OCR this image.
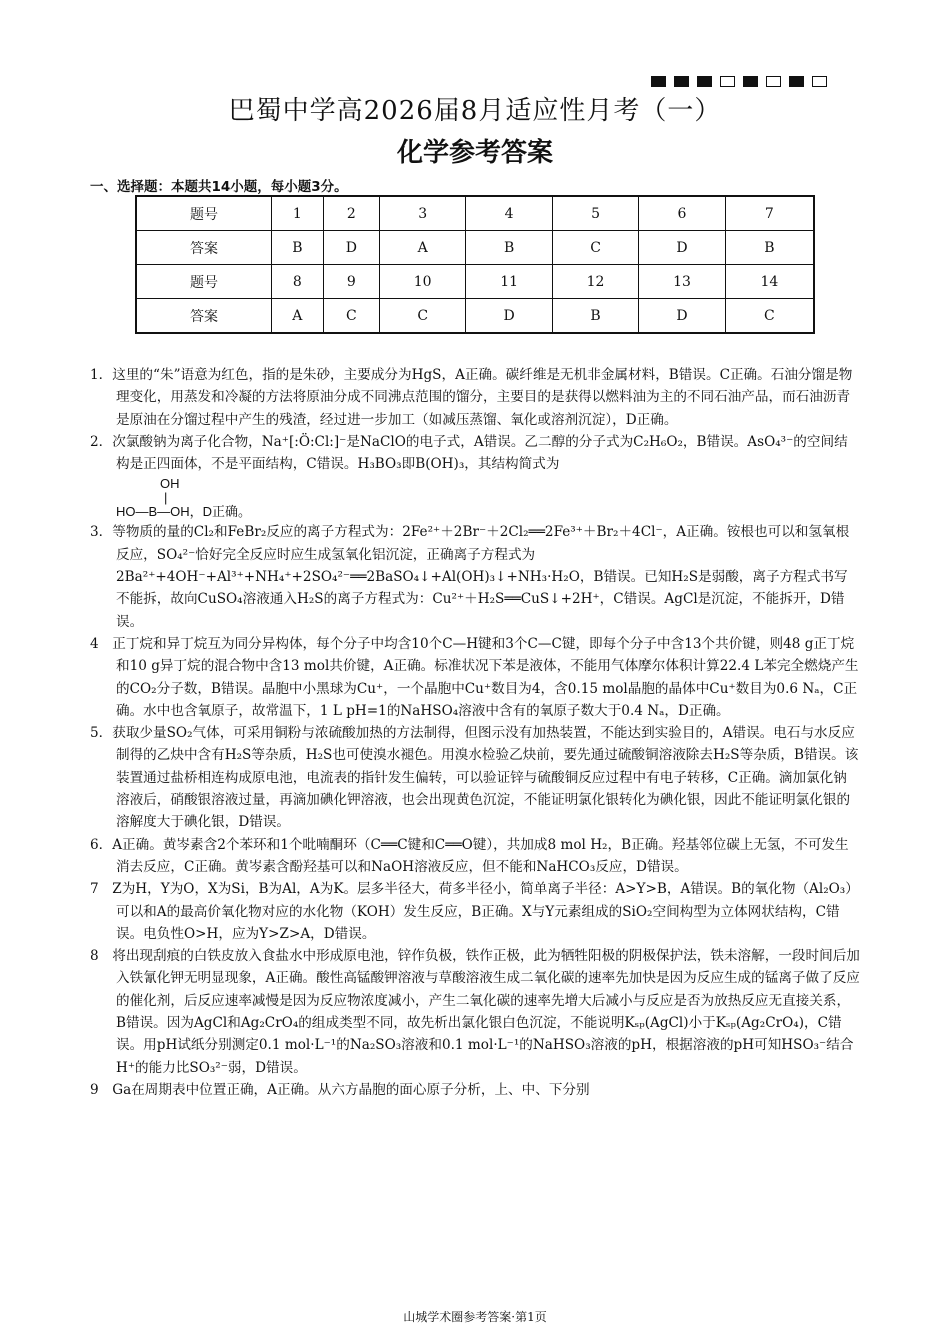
巴蜀中学高2026届8月适应性月考（一）
化学参考答案
一、选择题：本题共14小题，每小题3分。
题号	1	2	3	4	5	6	7
答案	B	D	A	B	C	D	B
题号	8	9	10	11	12	13	14
答案	A	C	C	D	B	D	C

1．这里的“朱”语意为红色，指的是朱砂，主要成分为HgS，A正确。碳纤维是无机非金属材料，B错误。C正确。石油分馏是物理变化，用蒸发和冷凝的方法将原油分成不同沸点范围的馏分，主要目的是获得以燃料油为主的不同石油产品，而石油沥青是原油在分馏过程中产生的残渣，经过进一步加工（如减压蒸馏、氧化或溶剂沉淀），D正确。

2．次氯酸钠为离子化合物，Na⁺[:Ö:Cl:]⁻是NaClO的电子式，A错误。乙二醇的分子式为C₂H₆O₂，B错误。AsO₄³⁻的空间结构是正四面体，不是平面结构，C错误。H₃BO₃即B(OH)₃，其结构简式为

OH
|
HO—B—OH，D正确。

3．等物质的量的Cl₂和FeBr₂反应的离子方程式为：2Fe²⁺＋2Br⁻＋2Cl₂══2Fe³⁺＋Br₂＋4Cl⁻，A正确。铵根也可以和氢氧根反应，SO₄²⁻恰好完全反应时应生成氢氧化铝沉淀，正确离子方程式为2Ba²⁺+4OH⁻+Al³⁺+NH₄⁺+2SO₄²⁻══2BaSO₄↓+Al(OH)₃↓+NH₃·H₂O，B错误。已知H₂S是弱酸，离子方程式书写不能拆，故向CuSO₄溶液通入H₂S的离子方程式为：Cu²⁺＋H₂S══CuS↓+2H⁺，C错误。AgCl是沉淀，不能拆开，D错误。

4　正丁烷和异丁烷互为同分异构体，每个分子中均含10个C—H键和3个C—C键，即每个分子中含13个共价键，则48 g正丁烷和10 g异丁烷的混合物中含13 mol共价键，A正确。标准状况下苯是液体，不能用气体摩尔体积计算22.4 L苯完全燃烧产生的CO₂分子数，B错误。晶胞中小黑球为Cu⁺，一个晶胞中Cu⁺数目为4，含0.15 mol晶胞的晶体中Cu⁺数目为0.6 Nₐ，C正确。水中也含氧原子，故常温下，1 L pH=1的NaHSO₄溶液中含有的氧原子数大于0.4 Nₐ，D正确。

5．获取少量SO₂气体，可采用铜粉与浓硫酸加热的方法制得，但图示没有加热装置，不能达到实验目的，A错误。电石与水反应制得的乙炔中含有H₂S等杂质，H₂S也可使溴水褪色。用溴水检验乙炔前，要先通过硫酸铜溶液除去H₂S等杂质，B错误。该装置通过盐桥相连构成原电池，电流表的指针发生偏转，可以验证锌与硫酸铜反应过程中有电子转移，C正确。滴加氯化钠溶液后，硝酸银溶液过量，再滴加碘化钾溶液，也会出现黄色沉淀，不能证明氯化银转化为碘化银，因此不能证明氯化银的溶解度大于碘化银，D错误。

6．A正确。黄岑素含2个苯环和1个吡喃酮环（C══C键和C══O键），共加成8 mol H₂，B正确。羟基邻位碳上无氢，不可发生消去反应，C正确。黄岑素含酚羟基可以和NaOH溶液反应，但不能和NaHCO₃反应，D错误。

7　Z为H，Y为O，X为Si，B为Al，A为K。层多半径大，荷多半径小，简单离子半径：A>Y>B，A错误。B的氧化物（Al₂O₃）可以和A的最高价氧化物对应的水化物（KOH）发生反应，B正确。X与Y元素组成的SiO₂空间构型为立体网状结构，C错误。电负性O>H，应为Y>Z>A，D错误。

8　将出现刮痕的白铁皮放入食盐水中形成原电池，锌作负极，铁作正极，此为牺牲阳极的阴极保护法，铁未溶解，一段时间后加入铁氰化钾无明显现象，A正确。酸性高锰酸钾溶液与草酸溶液生成二氧化碳的速率先加快是因为反应生成的锰离子做了反应的催化剂，后反应速率减慢是因为反应物浓度减小，产生二氧化碳的速率先增大后减小与反应是否为放热反应无直接关系，B错误。因为AgCl和Ag₂CrO₄的组成类型不同，故先析出氯化银白色沉淀，不能说明Kₛₚ(AgCl)小于Kₛₚ(Ag₂CrO₄)，C错误。用pH试纸分别测定0.1 mol·L⁻¹的Na₂SO₃溶液和0.1 mol·L⁻¹的NaHSO₃溶液的pH，根据溶液的pH可知HSO₃⁻结合H⁺的能力比SO₃²⁻弱，D错误。

9　Ga在周期表中位置正确，A正确。从六方晶胞的面心原子分析，上、中、下分别

山城学术圈参考答案·第1页
